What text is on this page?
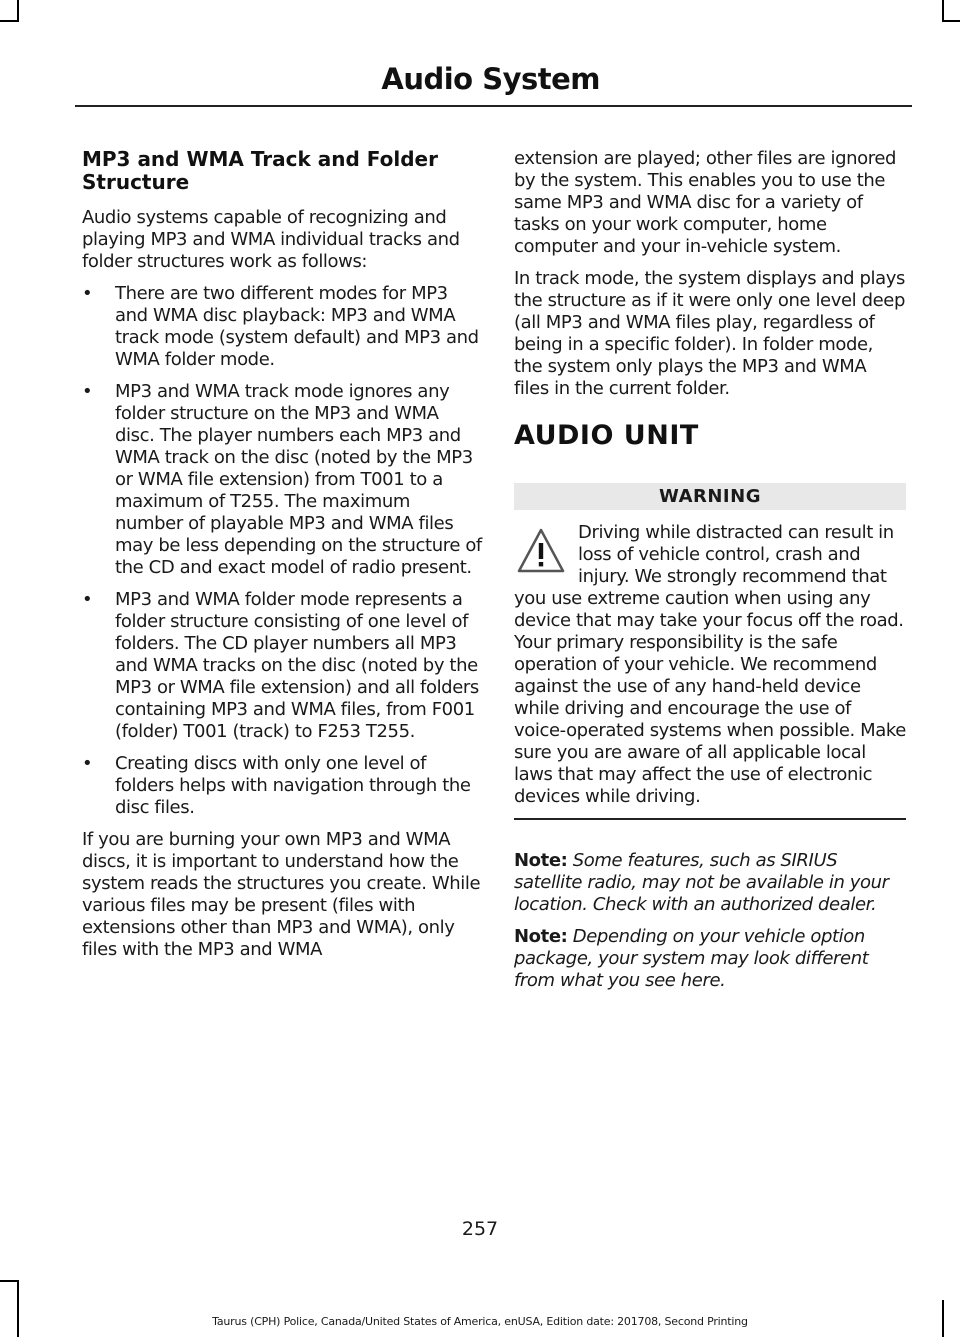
Audio System
MP3 and WMA Track and Folder Structure

Audio systems capable of recognizing and playing MP3 and WMA individual tracks and folder structures work as follows:

• There are two different modes for MP3 and WMA disc playback: MP3 and WMA track mode (system default) and MP3 and WMA folder mode.
• MP3 and WMA track mode ignores any folder structure on the MP3 and WMA disc. The player numbers each MP3 and WMA track on the disc (noted by the MP3 or WMA file extension) from T001 to a maximum of T255. The maximum number of playable MP3 and WMA files may be less depending on the structure of the CD and exact model of radio present.
• MP3 and WMA folder mode represents a folder structure consisting of one level of folders. The CD player numbers all MP3 and WMA tracks on the disc (noted by the MP3 or WMA file extension) and all folders containing MP3 and WMA files, from F001 (folder) T001 (track) to F253 T255.
• Creating discs with only one level of folders helps with navigation through the disc files.

If you are burning your own MP3 and WMA discs, it is important to understand how the system reads the structures you create. While various files may be present (files with extensions other than MP3 and WMA), only files with the MP3 and WMA

extension are played; other files are ignored by the system. This enables you to use the same MP3 and WMA disc for a variety of tasks on your work computer, home computer and your in-vehicle system.

In track mode, the system displays and plays the structure as if it were only one level deep (all MP3 and WMA files play, regardless of being in a specific folder). In folder mode, the system only plays the MP3 and WMA files in the current folder.

AUDIO UNIT
WARNING
Driving while distracted can result in loss of vehicle control, crash and injury. We strongly recommend that you use extreme caution when using any device that may take your focus off the road. Your primary responsibility is the safe operation of your vehicle. We recommend against the use of any hand-held device while driving and encourage the use of voice-operated systems when possible. Make sure you are aware of all applicable local laws that may affect the use of electronic devices while driving.

Note: Some features, such as SIRIUS satellite radio, may not be available in your location. Check with an authorized dealer.

Note: Depending on your vehicle option package, your system may look different from what you see here.

257
Taurus (CPH) Police, Canada/United States of America, enUSA, Edition date: 201708, Second Printing
